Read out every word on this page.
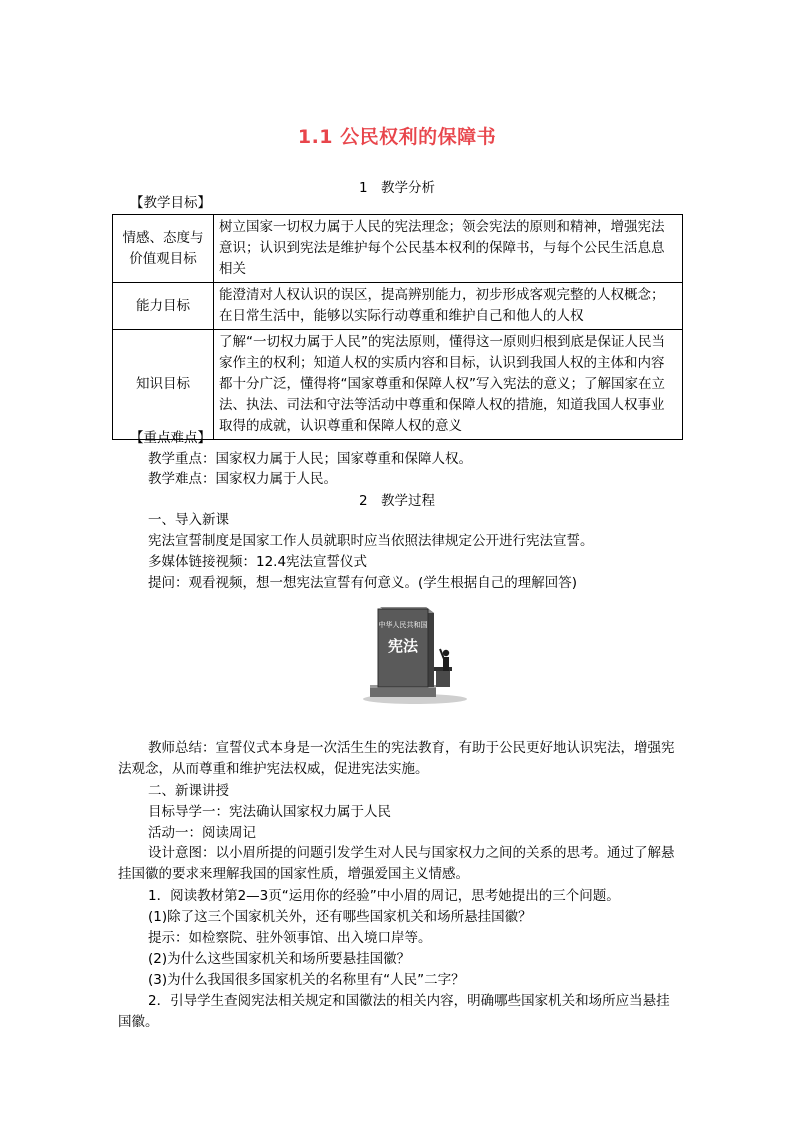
1.1 公民权利的保障书
1　教学分析
【教学目标】
情感、态度与价值观目标	树立国家一切权力属于人民的宪法理念；领会宪法的原则和精神，增强宪法意识；认识到宪法是维护每个公民基本权利的保障书，与每个公民生活息息相关
能力目标	能澄清对人权认识的误区，提高辨别能力，初步形成客观完整的人权概念；在日常生活中，能够以实际行动尊重和维护自己和他人的人权
知识目标	了解“一切权力属于人民”的宪法原则，懂得这一原则归根到底是保证人民当家作主的权利；知道人权的实质内容和目标，认识到我国人权的主体和内容都十分广泛，懂得将“国家尊重和保障人权”写入宪法的意义；了解国家在立法、执法、司法和守法等活动中尊重和保障人权的措施，知道我国人权事业取得的成就，认识尊重和保障人权的意义
【重点难点】
教学重点：国家权力属于人民；国家尊重和保障人权。
教学难点：国家权力属于人民。
2　教学过程
一、导入新课
宪法宣誓制度是国家工作人员就职时应当依照法律规定公开进行宪法宣誓。
多媒体链接视频：12.4宪法宣誓仪式
提问：观看视频，想一想宪法宣誓有何意义。(学生根据自己的理解回答)
中华人民共和国
宪法
教师总结：宣誓仪式本身是一次活生生的宪法教育，有助于公民更好地认识宪法，增强宪法观念，从而尊重和维护宪法权威，促进宪法实施。
二、新课讲授
目标导学一：宪法确认国家权力属于人民
活动一：阅读周记
设计意图：以小眉所提的问题引发学生对人民与国家权力之间的关系的思考。通过了解悬挂国徽的要求来理解我国的国家性质，增强爱国主义情感。
1．阅读教材第2—3页“运用你的经验”中小眉的周记，思考她提出的三个问题。
(1)除了这三个国家机关外，还有哪些国家机关和场所悬挂国徽？
提示：如检察院、驻外领事馆、出入境口岸等。
(2)为什么这些国家机关和场所要悬挂国徽？
(3)为什么我国很多国家机关的名称里有“人民”二字？
2．引导学生查阅宪法相关规定和国徽法的相关内容，明确哪些国家机关和场所应当悬挂国徽。
